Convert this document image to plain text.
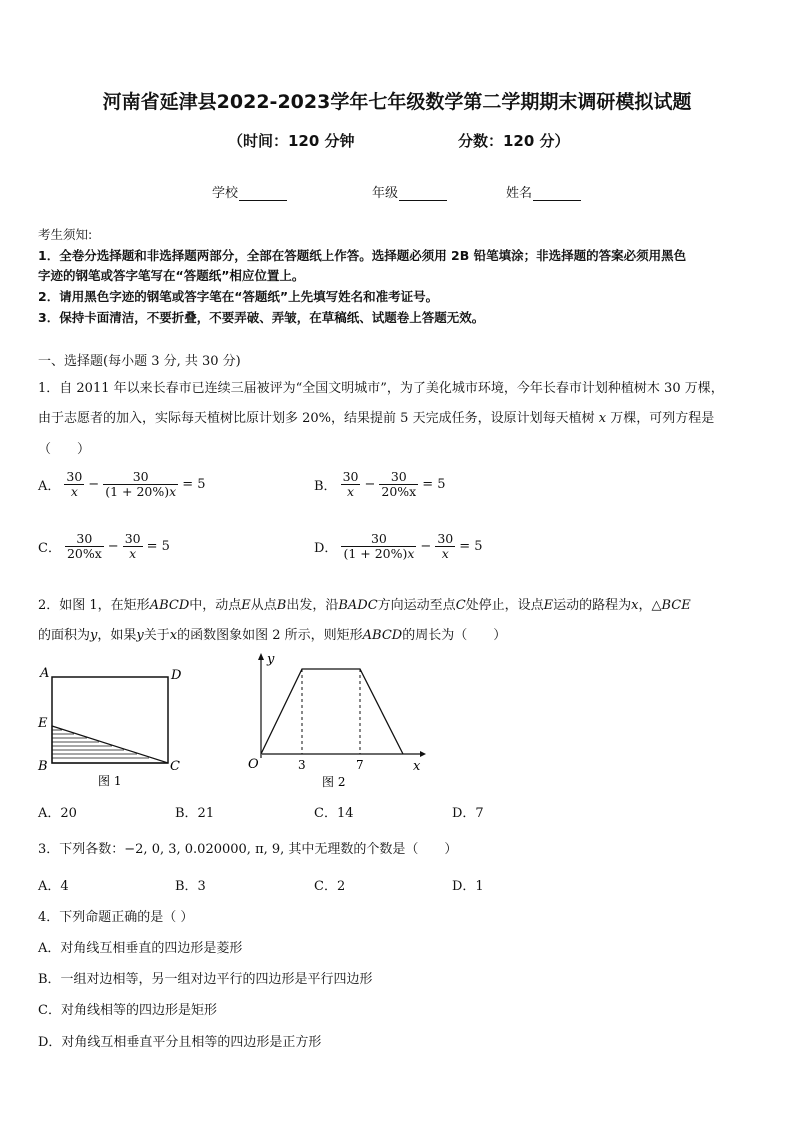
河南省延津县2022-2023学年七年级数学第二学期期末调研模拟试题
（时间：120 分钟	分数：120 分）
学校	年级	姓名
考生须知:
1．全卷分选择题和非选择题两部分，全部在答题纸上作答。选择题必须用 2B 铅笔填涂；非选择题的答案必须用黑色
字迹的钢笔或答字笔写在“答题纸”相应位置上。
2．请用黑色字迹的钢笔或答字笔在“答题纸”上先填写姓名和准考证号。
3．保持卡面清洁，不要折叠，不要弄破、弄皱，在草稿纸、试题卷上答题无效。
一、选择题(每小题 3 分, 共 30 分)
1．自 2011 年以来长春市已连续三届被评为“全国文明城市”，为了美化城市环境，今年长春市计划种植树木 30 万棵，
由于志愿者的加入，实际每天植树比原计划多 20%，结果提前 5 天完成任务，设原计划每天植树 x 万棵，可列方程是
（　　）
A． $\frac{30}{x} - \frac{30}{(1 + 20\%)x} = 5$	B． $\frac{30}{x} - \frac{30}{20\%x} = 5$
C． $\frac{30}{20\%x} - \frac{30}{x} = 5$	D． $\frac{30}{(1 + 20\%)x} - \frac{30}{x} = 5$
2．如图 1，在矩形ABCD中，动点E从点B出发，沿BADC方向运动至点C处停止，设点E运动的路程为x，△BCE
的面积为y，如果y关于x的函数图象如图 2 所示，则矩形ABCD的周长为（　　）
A	D
E
B	C
图 1
y
O	3	7	x
图 2
A．20	B．21	C．14	D．7
3．下列各数：−2, 0, 3, 0.020000, π, 9, 其中无理数的个数是（　　）
A．4	B．3	C．2	D．1
4．下列命题正确的是（ ）
A．对角线互相垂直的四边形是菱形
B．一组对边相等，另一组对边平行的四边形是平行四边形
C．对角线相等的四边形是矩形
D．对角线互相垂直平分且相等的四边形是正方形
